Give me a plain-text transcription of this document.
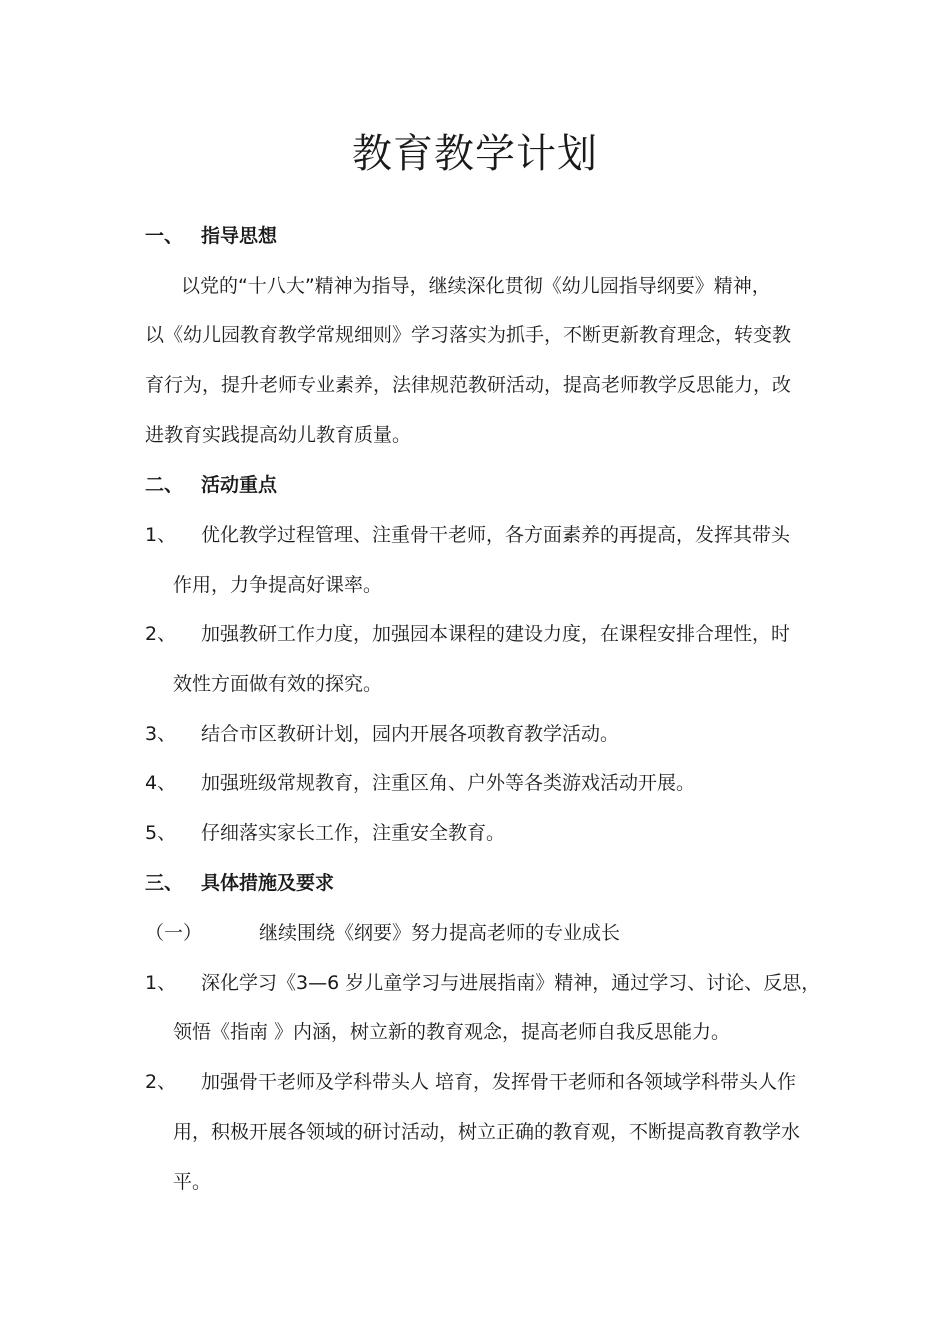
教育教学计划
一、 指导思想
以党的“十八大”精神为指导，继续深化贯彻《幼儿园指导纲要》精神，
以《幼儿园教育教学常规细则》学习落实为抓手，不断更新教育理念，转变教
育行为，提升老师专业素养，法律规范教研活动，提高老师教学反思能力，改
进教育实践提高幼儿教育质量。
二、 活动重点
1、 优化教学过程管理、注重骨干老师，各方面素养的再提高，发挥其带头
作用，力争提高好课率。
2、 加强教研工作力度，加强园本课程的建设力度，在课程安排合理性，时
效性方面做有效的探究。
3、 结合市区教研计划，园内开展各项教育教学活动。
4、 加强班级常规教育，注重区角、户外等各类游戏活动开展。
5、 仔细落实家长工作，注重安全教育。
三、 具体措施及要求
（一）	继续围绕《纲要》努力提高老师的专业成长
1、 深化学习《3—6 岁儿童学习与进展指南》精神，通过学习、讨论、反思，
领悟《指南 》内涵，树立新的教育观念，提高老师自我反思能力。
2、 加强骨干老师及学科带头人 培育，发挥骨干老师和各领域学科带头人作
用，积极开展各领域的研讨活动，树立正确的教育观，不断提高教育教学水
平。
